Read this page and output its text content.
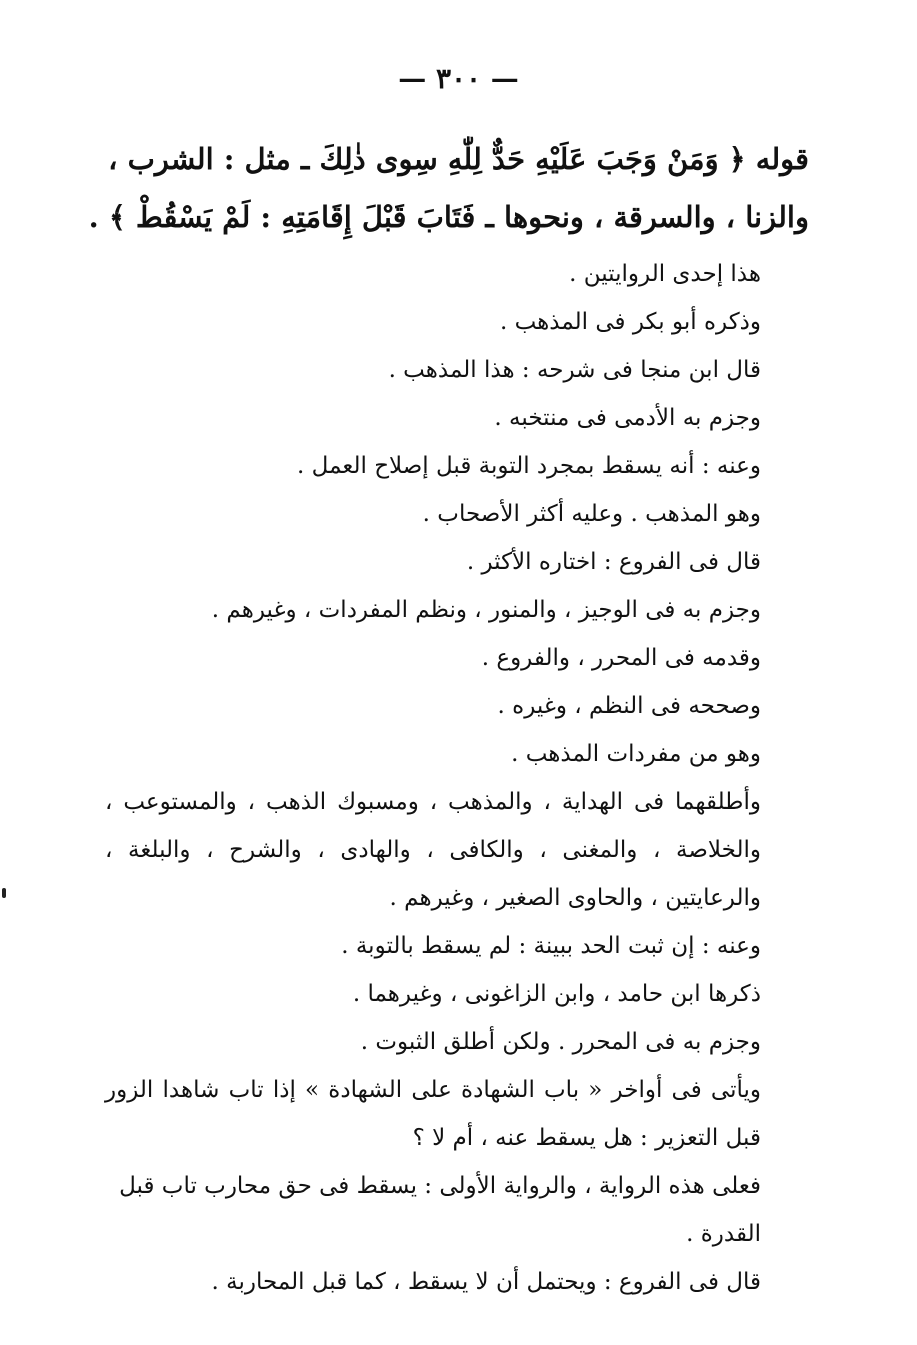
— ٣٠٠ —
قوله ﴿ وَمَنْ وَجَبَ عَلَيْهِ حَدٌّ لِلّٰهِ سِوى ذٰلِكَ ـ مثل : الشرب ،
والزنا ، والسرقة ، ونحوها ـ فَتَابَ قَبْلَ إِقَامَتِهِ : لَمْ يَسْقُطْ ﴾ .

هذا إحدى الروايتين .

وذكره أبو بكر فى المذهب .

قال ابن منجا فى شرحه : هذا المذهب .

وجزم به الأدمى فى منتخبه .

وعنه : أنه يسقط بمجرد التوبة قبل إصلاح العمل .

وهو المذهب . وعليه أكثر الأصحاب .

قال فى الفروع : اختاره الأكثر .

وجزم به فى الوجيز ، والمنور ، ونظم المفردات ، وغيرهم .

وقدمه فى المحرر ، والفروع .

وصححه فى النظم ، وغيره .

وهو من مفردات المذهب .

وأطلقهما فى الهداية ، والمذهب ، ومسبوك الذهب ، والمستوعب ، والخلاصة ، والمغنى ، والكافى ، والهادى ، والشرح ، والبلغة ، والرعايتين ، والحاوى الصغير ، وغيرهم .

وعنه : إن ثبت الحد ببينة : لم يسقط بالتوبة .

ذكرها ابن حامد ، وابن الزاغونى ، وغيرهما .

وجزم به فى المحرر . ولكن أطلق الثبوت .

ويأتى فى أواخر « باب الشهادة على الشهادة » إذا تاب شاهدا الزور قبل التعزير : هل يسقط عنه ، أم لا ؟

فعلى هذه الرواية ، والرواية الأولى : يسقط فى حق محارب تاب قبل القدرة .

قال فى الفروع : ويحتمل أن لا يسقط ، كما قبل المحاربة .
